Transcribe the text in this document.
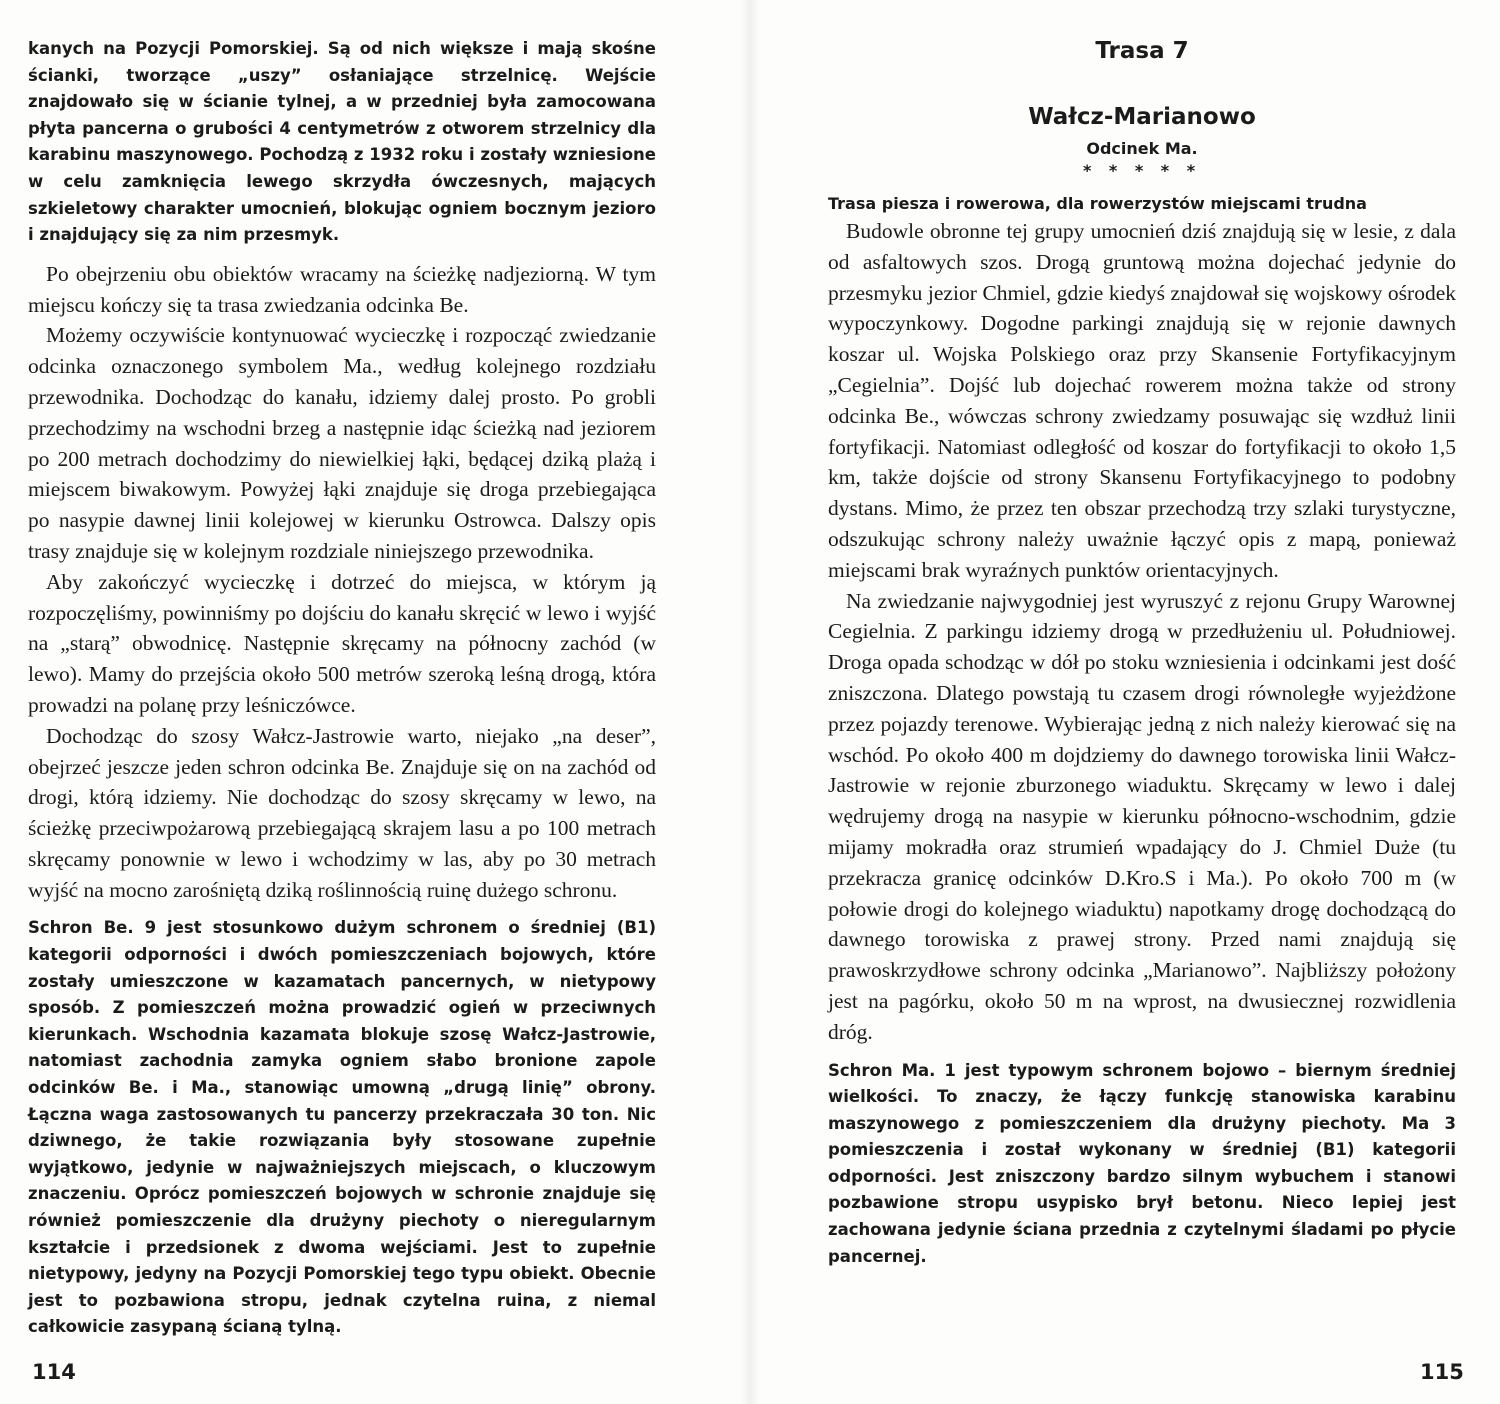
kanych na Pozycji Pomorskiej. Są od nich większe i mają skośne ścianki, tworzące „uszy” osłaniające strzelnicę. Wejście znajdowało się w ścianie tylnej, a w przedniej była zamocowana płyta pancerna o grubości 4 centymetrów z otworem strzelnicy dla karabinu maszynowego. Pochodzą z 1932 roku i zostały wzniesione w celu zamknięcia lewego skrzydła ówczesnych, mających szkieletowy charakter umocnień, blokując ogniem bocznym jezioro i znajdujący się za nim przesmyk.

Po obejrzeniu obu obiektów wracamy na ścieżkę nadjeziorną. W tym miejscu kończy się ta trasa zwiedzania odcinka Be.

Możemy oczywiście kontynuować wycieczkę i rozpocząć zwiedzanie odcinka oznaczonego symbolem Ma., według kolejnego rozdziału przewodnika. Dochodząc do kanału, idziemy dalej prosto. Po grobli przechodzimy na wschodni brzeg a następnie idąc ścieżką nad jeziorem po 200 metrach dochodzimy do niewielkiej łąki, będącej dziką plażą i miejscem biwakowym. Powyżej łąki znajduje się droga przebiegająca po nasypie dawnej linii kolejowej w kierunku Ostrowca. Dalszy opis trasy znajduje się w kolejnym rozdziale niniejszego przewodnika.

Aby zakończyć wycieczkę i dotrzeć do miejsca, w którym ją rozpoczęliśmy, powinniśmy po dojściu do kanału skręcić w lewo i wyjść na „starą” obwodnicę. Następnie skręcamy na północny zachód (w lewo). Mamy do przejścia około 500 metrów szeroką leśną drogą, która prowadzi na polanę przy leśniczówce.

Dochodząc do szosy Wałcz-Jastrowie warto, niejako „na deser”, obejrzeć jeszcze jeden schron odcinka Be. Znajduje się on na zachód od drogi, którą idziemy. Nie dochodząc do szosy skręcamy w lewo, na ścieżkę przeciwpożarową przebiegającą skrajem lasu a po 100 metrach skręcamy ponownie w lewo i wchodzimy w las, aby po 30 metrach wyjść na mocno zarośniętą dziką roślinnością ruinę dużego schronu.

Schron Be. 9 jest stosunkowo dużym schronem o średniej (B1) kategorii odporności i dwóch pomieszczeniach bojowych, które zostały umieszczone w kazamatach pancernych, w nietypowy sposób. Z pomieszczeń można prowadzić ogień w przeciwnych kierunkach. Wschodnia kazamata blokuje szosę Wałcz-Jastrowie, natomiast zachodnia zamyka ogniem słabo bronione zapole odcinków Be. i Ma., stanowiąc umowną „drugą linię” obrony. Łączna waga zastosowanych tu pancerzy przekraczała 30 ton. Nic dziwnego, że takie rozwiązania były stosowane zupełnie wyjątkowo, jedynie w najważniejszych miejscach, o kluczowym znaczeniu. Oprócz pomieszczeń bojowych w schronie znajduje się również pomieszczenie dla drużyny piechoty o nieregularnym kształcie i przedsionek z dwoma wejściami. Jest to zupełnie nietypowy, jedyny na Pozycji Pomorskiej tego typu obiekt. Obecnie jest to pozbawiona stropu, jednak czytelna ruina, z niemal całkowicie zasypaną ścianą tylną.

114

Trasa 7

Wałcz-Marianowo

Odcinek Ma.

* * * * *

Trasa piesza i rowerowa, dla rowerzystów miejscami trudna

Budowle obronne tej grupy umocnień dziś znajdują się w lesie, z dala od asfaltowych szos. Drogą gruntową można dojechać jedynie do przesmyku jezior Chmiel, gdzie kiedyś znajdował się wojskowy ośrodek wypoczynkowy. Dogodne parkingi znajdują się w rejonie dawnych koszar ul. Wojska Polskiego oraz przy Skansenie Fortyfikacyjnym „Cegielnia”. Dojść lub dojechać rowerem można także od strony odcinka Be., wówczas schrony zwiedzamy posuwając się wzdłuż linii fortyfikacji. Natomiast odległość od koszar do fortyfikacji to około 1,5 km, także dojście od strony Skansenu Fortyfikacyjnego to podobny dystans. Mimo, że przez ten obszar przechodzą trzy szlaki turystyczne, odszukując schrony należy uważnie łączyć opis z mapą, ponieważ miejscami brak wyraźnych punktów orientacyjnych.

Na zwiedzanie najwygodniej jest wyruszyć z rejonu Grupy Warownej Cegielnia. Z parkingu idziemy drogą w przedłużeniu ul. Południowej. Droga opada schodząc w dół po stoku wzniesienia i odcinkami jest dość zniszczona. Dlatego powstają tu czasem drogi równoległe wyjeżdżone przez pojazdy terenowe. Wybierając jedną z nich należy kierować się na wschód. Po około 400 m dojdziemy do dawnego torowiska linii Wałcz-Jastrowie w rejonie zburzonego wiaduktu. Skręcamy w lewo i dalej wędrujemy drogą na nasypie w kierunku północno-wschodnim, gdzie mijamy mokradła oraz strumień wpadający do J. Chmiel Duże (tu przekracza granicę odcinków D.Kro.S i Ma.). Po około 700 m (w połowie drogi do kolejnego wiaduktu) napotkamy drogę dochodzącą do dawnego torowiska z prawej strony. Przed nami znajdują się prawoskrzydłowe schrony odcinka „Marianowo”. Najbliższy położony jest na pagórku, około 50 m na wprost, na dwusiecznej rozwidlenia dróg.

Schron Ma. 1 jest typowym schronem bojowo – biernym średniej wielkości. To znaczy, że łączy funkcję stanowiska karabinu maszynowego z pomieszczeniem dla drużyny piechoty. Ma 3 pomieszczenia i został wykonany w średniej (B1) kategorii odporności. Jest zniszczony bardzo silnym wybuchem i stanowi pozbawione stropu usypisko brył betonu. Nieco lepiej jest zachowana jedynie ściana przednia z czytelnymi śladami po płycie pancernej.

115
